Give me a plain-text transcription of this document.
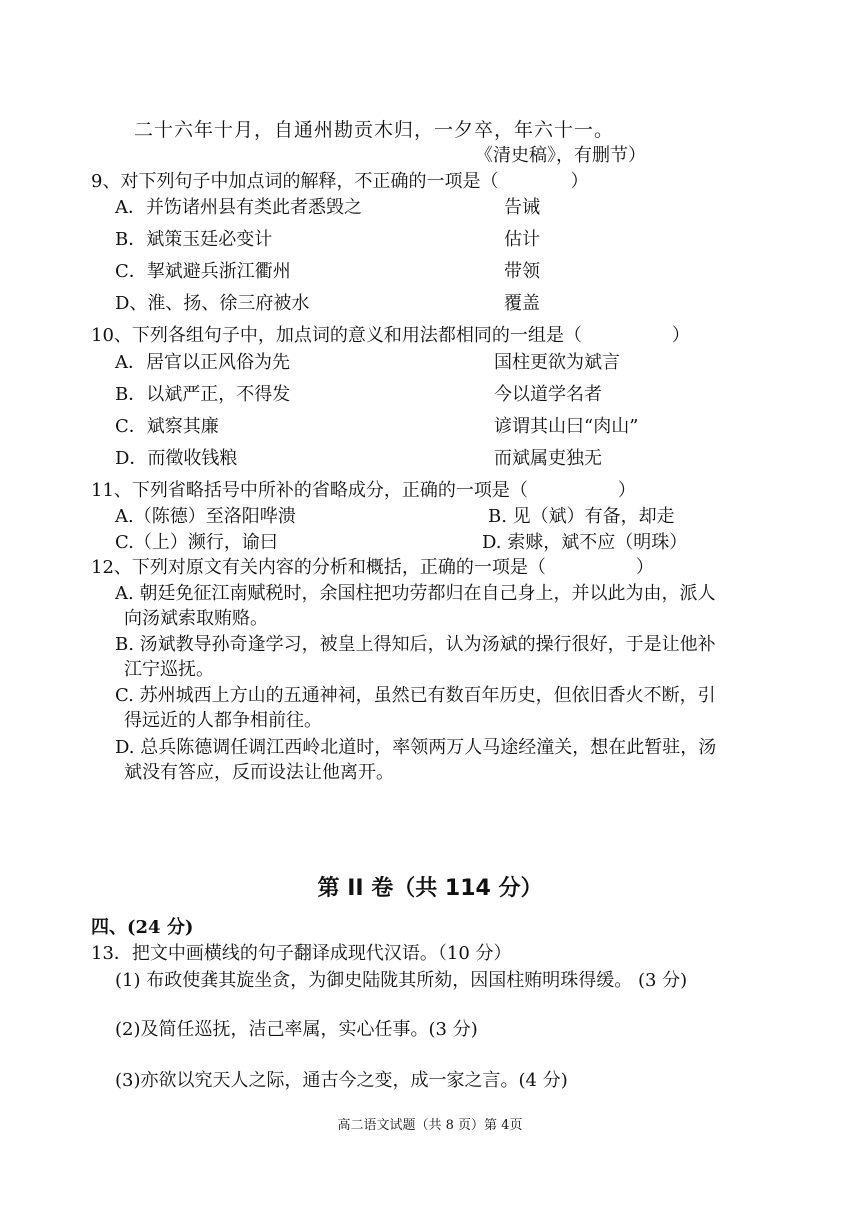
二十六年十月，自通州勘贡木归，一夕卒，年六十一。
《清史稿》，有删节）
9、对下列句子中加点词的解释，不正确的一项是（　　　　）
A．并饬诸州县有类此者悉毁之	告诫
B．斌策玉廷必变计	估计
C．挈斌避兵浙江衢州	带领
D、淮、扬、徐三府被水	覆盖
10、下列各组句子中，加点词的意义和用法都相同的一组是（　　　　　）
A．居官以正风俗为先	国柱更欲为斌言
B．以斌严正，不得发	今以道学名者
C．斌察其廉	谚谓其山曰“肉山”
D．而徵收钱粮	而斌属吏独无
11、下列省略括号中所补的省略成分，正确的一项是（　　　　　）
A.（陈德）至洛阳哗溃	B. 见（斌）有备，却走
C.（上）濒行，谕曰	D. 索赇，斌不应（明珠）
12、下列对原文有关内容的分析和概括，正确的一项是（　　　　　）
A. 朝廷免征江南赋税时，余国柱把功劳都归在自己身上，并以此为由，派人
向汤斌索取贿赂。
B. 汤斌教导孙奇逢学习，被皇上得知后，认为汤斌的操行很好，于是让他补
江宁巡抚。
C. 苏州城西上方山的五通神祠，虽然已有数百年历史，但依旧香火不断，引
得远近的人都争相前往。
D. 总兵陈德调任调江西岭北道时，率领两万人马途经潼关，想在此暂驻，汤
斌没有答应，反而设法让他离开。
第 II 卷（共 114 分）
四、(24 分)
13．把文中画横线的句子翻译成现代汉语。（10 分）
(1) 布政使龚其旋坐贪，为御史陆陇其所劾，因国柱贿明珠得缓。 (3 分)
(2)及简任巡抚，洁己率属，实心任事。(3 分)
(3)亦欲以究天人之际，通古今之变，成一家之言。(4 分)
高二语文试题（共 8 页）第 4页
